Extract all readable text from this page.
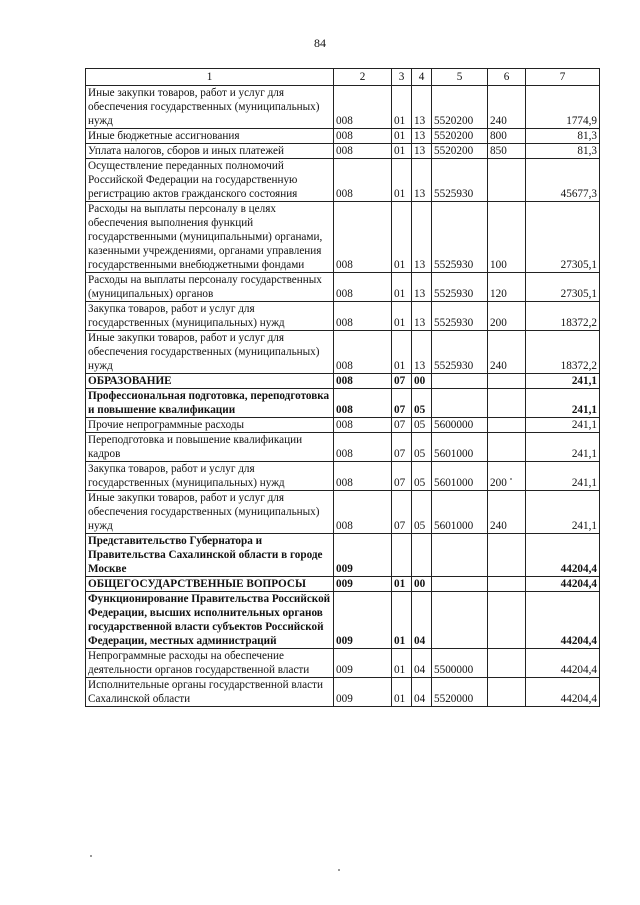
84
1	2	3	4	5	6	7
Иные закупки товаров, работ и услуг для обеспечения государственных (муниципальных) нужд	008	01	13	5520200	240	1774,9
Иные бюджетные ассигнования	008	01	13	5520200	800	81,3
Уплата налогов, сборов и иных платежей	008	01	13	5520200	850	81,3
Осуществление переданных полномочий Российской Федерации на государственную регистрацию актов гражданского состояния	008	01	13	5525930		45677,3
Расходы на выплаты персоналу в целях обеспечения выполнения функций государственными (муниципальными) органами, казенными учреждениями, органами управления государственными внебюджетными фондами	008	01	13	5525930	100	27305,1
Расходы на выплаты персоналу государственных (муниципальных) органов	008	01	13	5525930	120	27305,1
Закупка товаров, работ и услуг для государственных (муниципальных) нужд	008	01	13	5525930	200	18372,2
Иные закупки товаров, работ и услуг для обеспечения государственных (муниципальных) нужд	008	01	13	5525930	240	18372,2
ОБРАЗОВАНИЕ	008	07	00			241,1
Профессиональная подготовка, переподготовка и повышение квалификации	008	07	05			241,1
Прочие непрограммные расходы	008	07	05	5600000		241,1
Переподготовка и повышение квалификации кадров	008	07	05	5601000		241,1
Закупка товаров, работ и услуг для государственных (муниципальных) нужд	008	07	05	5601000	200	241,1
Иные закупки товаров, работ и услуг для обеспечения государственных (муниципальных) нужд	008	07	05	5601000	240	241,1
Представительство Губернатора и Правительства Сахалинской области в городе Москве	009					44204,4
ОБЩЕГОСУДАРСТВЕННЫЕ ВОПРОСЫ	009	01	00			44204,4
Функционирование Правительства Российской Федерации, высших исполнительных органов государственной власти субъектов Российской Федерации, местных администраций	009	01	04			44204,4
Непрограммные расходы на обеспечение деятельности органов государственной власти	009	01	04	5500000		44204,4
Исполнительные органы государственной власти Сахалинской области	009	01	04	5520000		44204,4
